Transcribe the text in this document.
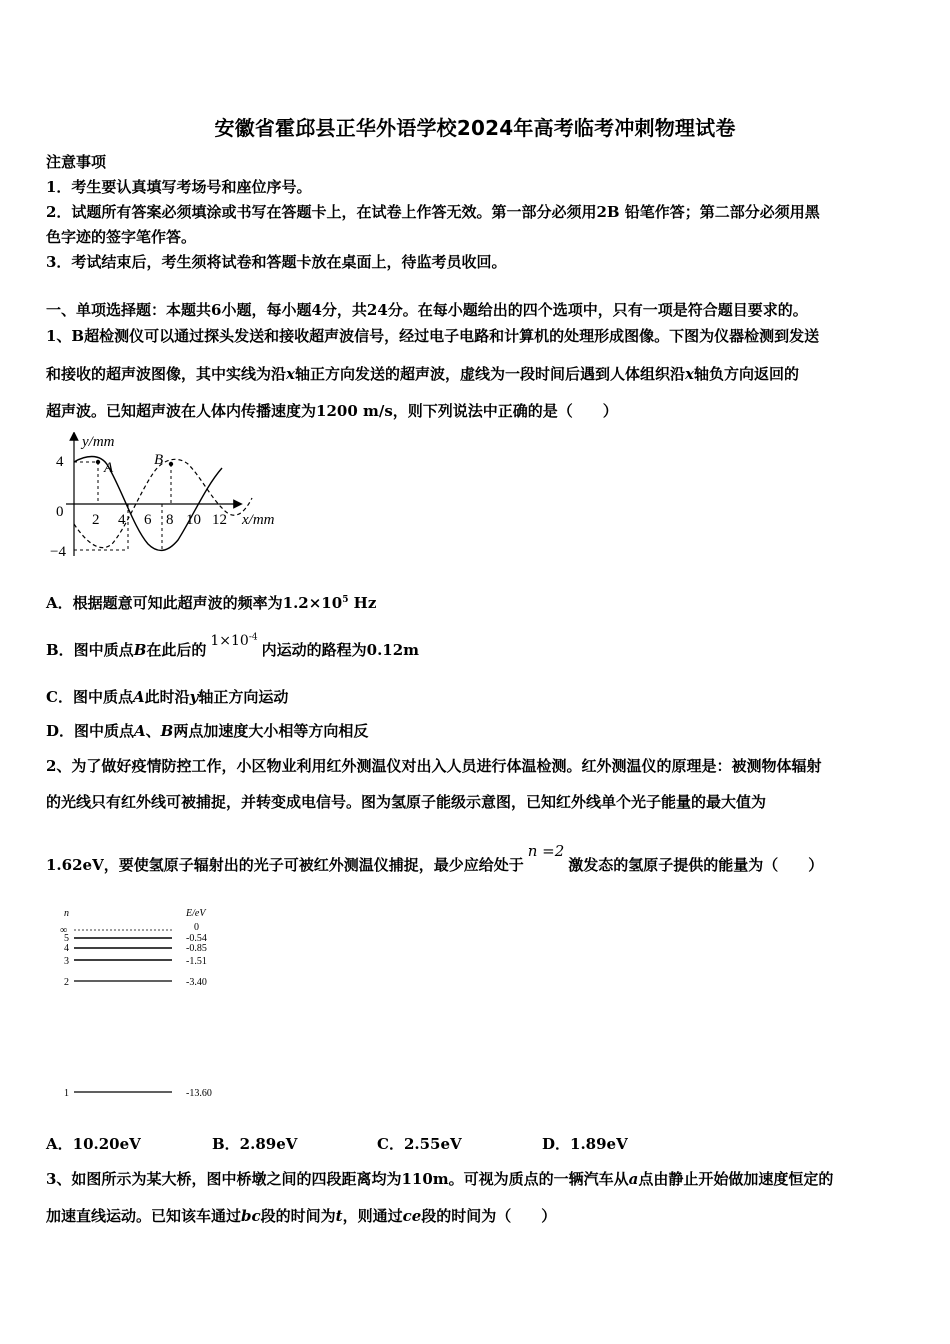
安徽省霍邱县正华外语学校2024年高考临考冲刺物理试卷
注意事项
1．考生要认真填写考场号和座位序号。
2．试题所有答案必须填涂或书写在答题卡上，在试卷上作答无效。第一部分必须用2B 铅笔作答；第二部分必须用黑
色字迹的签字笔作答。
3．考试结束后，考生须将试卷和答题卡放在桌面上，待监考员收回。
一、单项选择题：本题共6小题，每小题4分，共24分。在每小题给出的四个选项中，只有一项是符合题目要求的。
1、B超检测仪可以通过探头发送和接收超声波信号，经过电子电路和计算机的处理形成图像。下图为仪器检测到发送
和接收的超声波图像，其中实线为沿x轴正方向发送的超声波，虚线为一段时间后遇到人体组织沿x轴负方向返回的
超声波。已知超声波在人体内传播速度为1200 m/s，则下列说法中正确的是（　　）
y/mm
x/mm
4
0
−4
2 4 6 8 10 12
A	B
A．根据题意可知此超声波的频率为$1.2\times 10^5$ Hz
B．图中质点B在此后的 $1\times 10^{-4}$内运动的路程为0.12m
C．图中质点A此时沿y轴正方向运动
D．图中质点A、B两点加速度大小相等方向相反
2、为了做好疫情防控工作，小区物业利用红外测温仪对出入人员进行体温检测。红外测温仪的原理是：被测物体辐射
的光线只有红外线可被捕捉，并转变成电信号。图为氢原子能级示意图，已知红外线单个光子能量的最大值为
1.62eV，要使氢原子辐射出的光子可被红外测温仪捕捉，最少应给处于n =2激发态的氢原子提供的能量为（　　）
n	E/eV
∞	0
5	-0.54
4	-0.85
3	-1.51
2	-3.40
1	-13.60
A．10.20eV	B．2.89eV	C．2.55eV	D．1.89eV
3、如图所示为某大桥，图中桥墩之间的四段距离均为110m。可视为质点的一辆汽车从a点由静止开始做加速度恒定的
加速直线运动。已知该车通过bc段的时间为t，则通过ce段的时间为（　　）
